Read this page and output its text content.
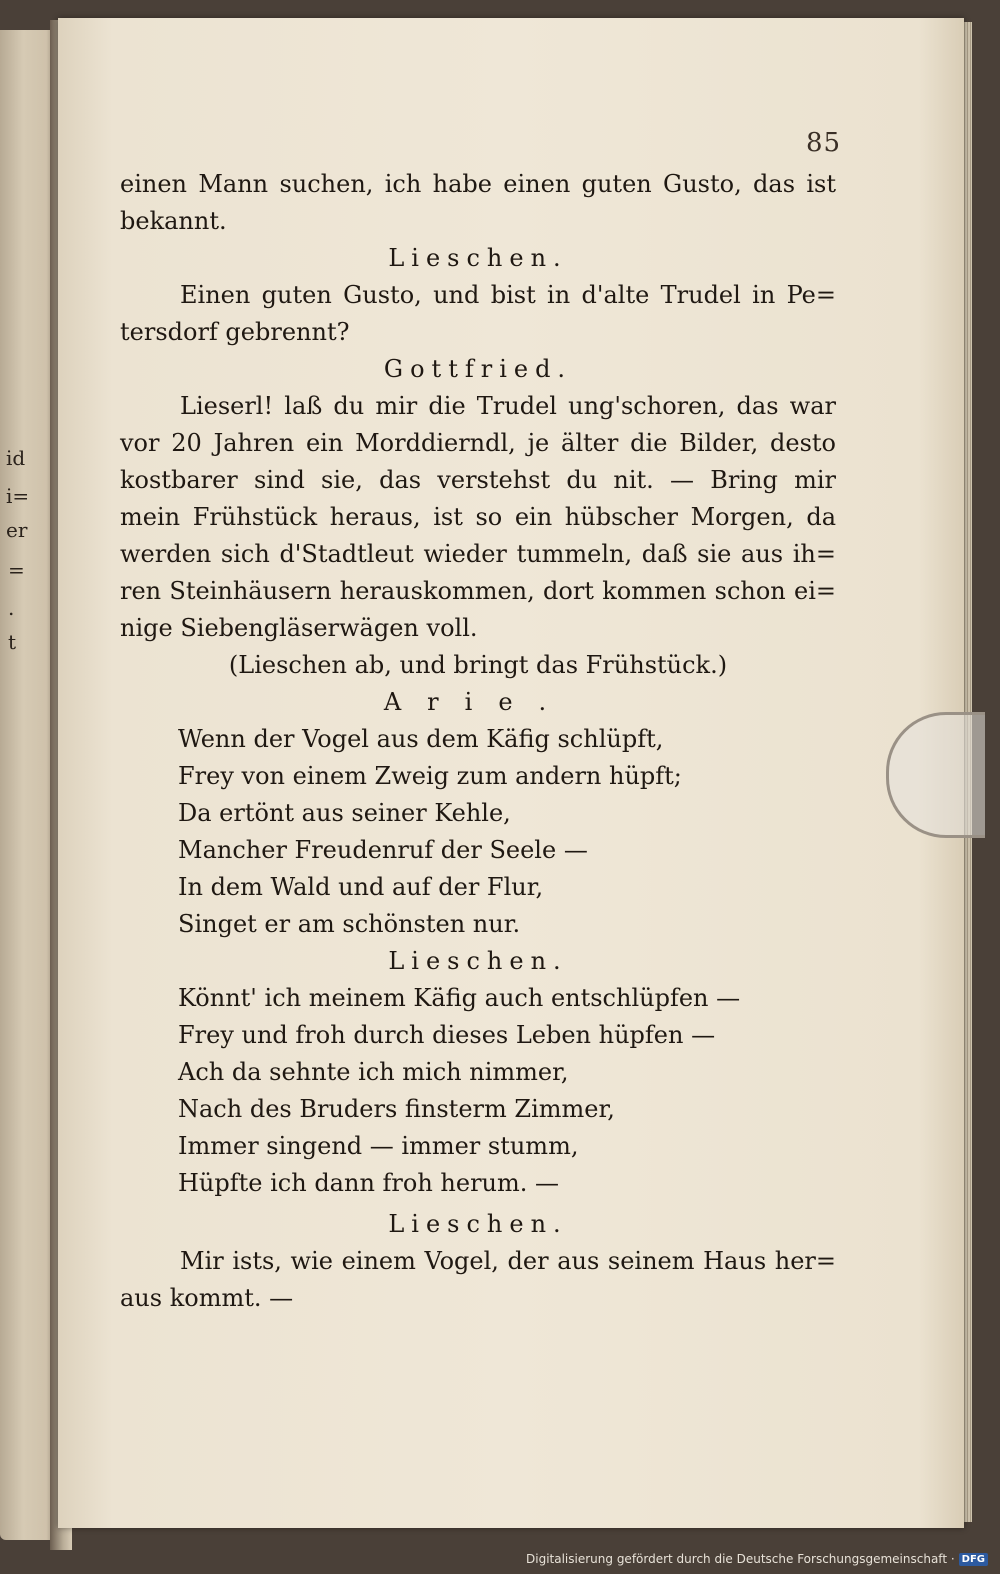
id
i=
er
=
.
t
85

einen Mann suchen, ich habe einen guten Gusto, das ist

bekannt.

Lieschen.

Einen guten Gusto, und bist in d'alte Trudel in Pe=

tersdorf gebrennt?

Gottfried.

Lieserl! laß du mir die Trudel ung'schoren, das war

vor 20 Jahren ein Morddierndl, je älter die Bilder, desto

kostbarer sind sie, das verstehst du nit. — Bring mir

mein Frühstück heraus, ist so ein hübscher Morgen, da

werden sich d'Stadtleut wieder tummeln, daß sie aus ih=

ren Steinhäusern herauskommen, dort kommen schon ei=

nige Siebengläserwägen voll.

(Lieschen ab, und bringt das Frühstück.)

Arie.

Wenn der Vogel aus dem Käfig schlüpft,

Frey von einem Zweig zum andern hüpft;

Da ertönt aus seiner Kehle,

Mancher Freudenruf der Seele —

In dem Wald und auf der Flur,

Singet er am schönsten nur.

Lieschen.

Könnt' ich meinem Käfig auch entschlüpfen —

Frey und froh durch dieses Leben hüpfen —

Ach da sehnte ich mich nimmer,

Nach des Bruders finsterm Zimmer,

Immer singend — immer stumm,

Hüpfte ich dann froh herum. —

Lieschen.

Mir ists, wie einem Vogel, der aus seinem Haus her=

aus kommt. —

Digitalisierung gefördert durch die Deutsche Forschungsgemeinschaft · DFG
